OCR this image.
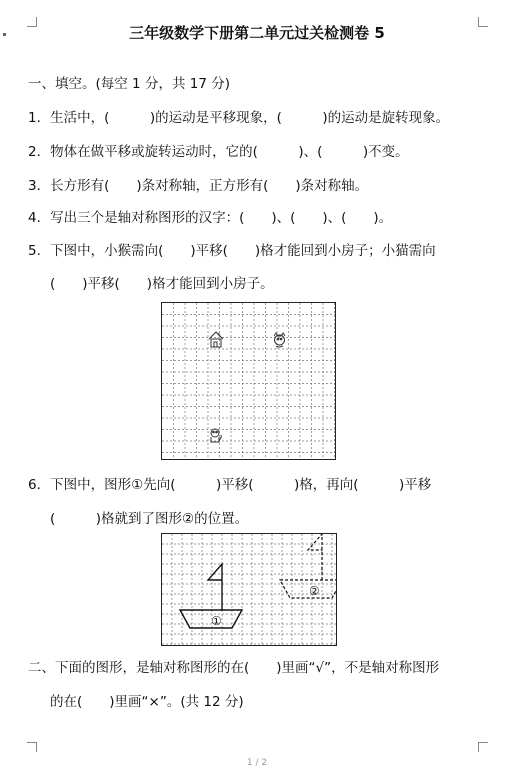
三年级数学下册第二单元过关检测卷 5
一、填空。(每空 1 分，共 17 分)
1．生活中，(　　　)的运动是平移现象，(　　　)的运动是旋转现象。
2．物体在做平移或旋转运动时，它的(　　　)、(　　　)不变。
3．长方形有(　　)条对称轴，正方形有(　　)条对称轴。
4．写出三个是轴对称图形的汉字：(　　)、(　　)、(　　)。
5．下图中，小猴需向(　　)平移(　　)格才能回到小房子；小猫需向
(　　)平移(　　)格才能回到小房子。
6．下图中，图形①先向(　　　)平移(　　　)格，再向(　　　)平移
(　　　)格就到了图形②的位置。
①
②
二、下面的图形，是轴对称图形的在(　　)里画“√”，不是轴对称图形
的在(　　)里画“×”。(共 12 分)
1 / 2
